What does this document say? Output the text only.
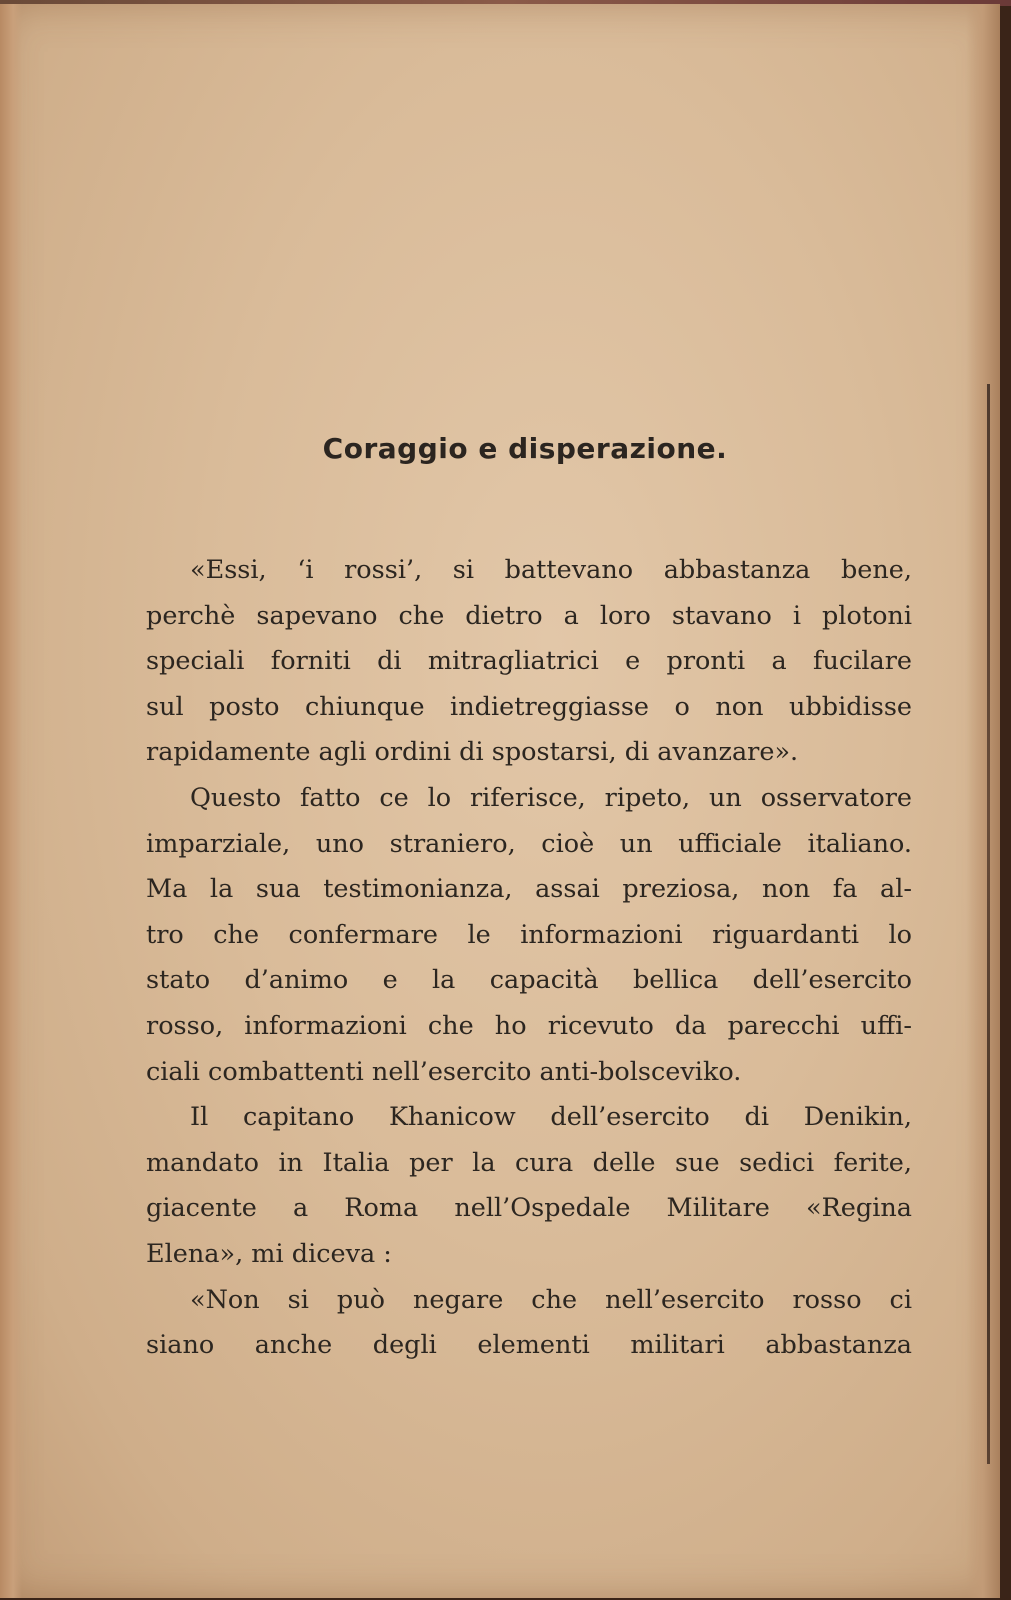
Coraggio e disperazione.
«Essi, ‘i rossi’, si battevano abbastanza bene,
perchè sapevano che dietro a loro stavano i plotoni
speciali forniti di mitragliatrici e pronti a fucilare
sul posto chiunque indietreggiasse o non ubbidisse
rapidamente agli ordini di spostarsi, di avanzare».
Questo fatto ce lo riferisce, ripeto, un osservatore
imparziale, uno straniero, cioè un ufficiale italiano.
Ma la sua testimonianza, assai preziosa, non fa al-
tro che confermare le informazioni riguardanti lo
stato d’animo e la capacità bellica dell’esercito
rosso, informazioni che ho ricevuto da parecchi uffi-
ciali combattenti nell’esercito anti-bolsceviko.
Il capitano Khanicow dell’esercito di Denikin,
mandato in Italia per la cura delle sue sedici ferite,
giacente a Roma nell’Ospedale Militare «Regina
Elena», mi diceva :
«Non si può negare che nell’esercito rosso ci
siano anche degli elementi militari abbastanza
